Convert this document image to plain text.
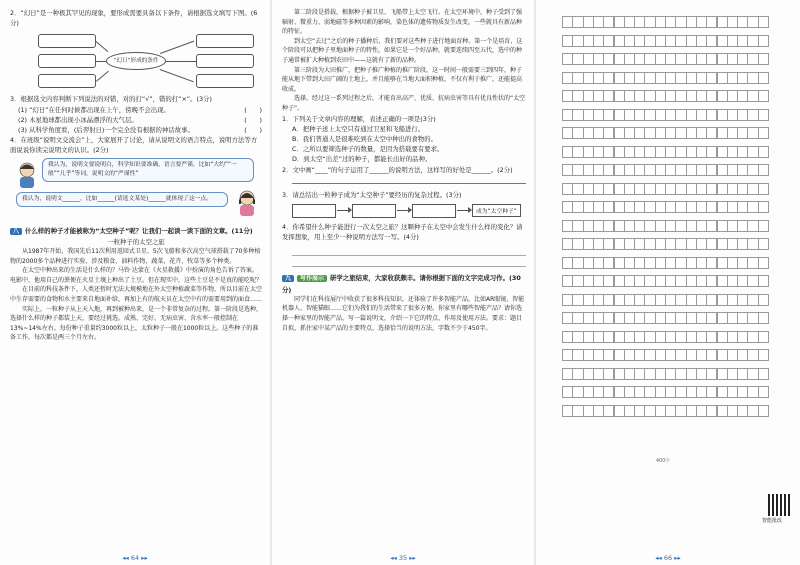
2．“幻日”是一种极其罕见的现象，要形成需要具备以下条件，请根据选文填写下图。(6分)

“幻日”形成的条件

3．根据选文内容判断下列说法的对错，对的打“√”，错的打“×”。(3分)

(　　)
(1) “幻日”在任何时候都出现在上午，傍晚不会出现。

(　　)
(2) 木星地球都出现小冰晶漂浮的大气层。

(　　)
(3) 从科学角度看，(后羿射日)一个完全没有根据的神话故事。

4．在班级“说明文交流会”上，大家展开了讨论，请从说明文的语言特点，说明方法等方面说说你读完说明文的认识。(2分)

我认为，说明文要说明白，科学知识要准确，语言要严谨，比如“大约”“一般”“几乎”等词，说明文的“严谨性”
我认为，说明文______，比如______(请选文某处)______就体现了这一点。

八 什么样的种子才能被称为“太空种子”呢？让我们一起读一读下面的文章。(11分)

一粒种子的太空之旅

从1987年开始，我国先后11次利用返回式卫星、5次飞船和多次高空气球搭载了70多种植物的2000多个品种进行实验，涉及粮食、油料作物、蔬菜、花卉、牧草等多个种类。

在太空中种出来的生活是什么样的？马铃·达蒙在《火星救援》中扮演的角色告诉了答案。电影中，他用自己的粪便在火星土壤上种出了土豆。但在现实中，这些土豆是不是真的能吃呢？

在目前的科技条件下，人类还暂时无法大规模地在外太空种植蔬菜等作物，所以目前在太空中生存需要的食物和水主要来自地面补给，再加上有的航天员在太空中有的需要用到的面食……

实际上，一粒种子从上天入地，再到被种出来，是一个非常复杂的过程。第一阶段是选种，选择什么样的种子都装上天，要经过挑选。成熟、完好、无病虫害、含水率一般控制在13%~14%左右。每份种子重量约3000粒以上，太粒种子一般在1000粒以上。这些种子的准备工作，每次都是两三个月左右。

◂◂ 64 ▸▸

第二阶段是搭载，根据种子被卫星、飞船带上太空飞行。在太空环境中，种子受到了强辐射、微重力、弱地磁等多种因素的影响，染色体的遗传物质发生改变，一些就具有新品种的特征。

到太空“去过”之后的种子播种后，我们要对这些种子进行地面育种。第一个是培育，这个阶段可以把种子里地面种子的特性，如果它是一个好品种，就要连续四至五代，选中的种子通常被扩大种植到农田中——这就有了新的品种。

第三阶段为大田推广，把种子推广种植的推广阶段，这一时间一般需要三到四年，种子能从地下带到大田广阔的土地上，并且能够在当地大面积种植，不仅有利于推广，还能提高收成。

选择，经过这一系列过程之后，才能育出高产、优质、抗病虫害等具有优良性状的“太空种子”。

1．下列关于文章内容的理解，表述正确的一项是(3分)

A．把种子送上太空只有通过卫星和飞船进行。

B．我们普通人是很难吃到在太空中种出的食物的。

C．之所以要筛选种子的数量，是因为搭载要有要求。

D．到太空“出差”过的种子，都能长出好的品种。

2．文中画“____”的句子运用了______的说明方法，这样写的好处是______。(2分)

3．请总结出一粒种子成为“太空种子”要经历的复杂过程。(3分)

成为“太空种子”

4．你希望什么种子能进行一次太空之旅？这颗种子在太空中会发生什么样的变化？请发挥想象，用上至少一种说明方法写一写。(4分)

九 写作展示 研学之旅结束，大家收获颇丰。请你根据下面的文字完成习作。(30分)

同学们在科技展厅中收获了很多科技知识，还体验了许多智能产品，比如AR眼镜、智能机器人、智能猫眼……它们为我们的生活带来了很多方便。你家里有哪些智能产品？请你选择一种家里的智能产品，写一篇说明文，介绍一下它的特点、作用及使用方法。要求：题目自拟，抓住家中某产品的主要特点，选择恰当的说明方法，字数不少于450字。

◂◂ 35 ▸▸
400字
智能批改
◂◂ 66 ▸▸
